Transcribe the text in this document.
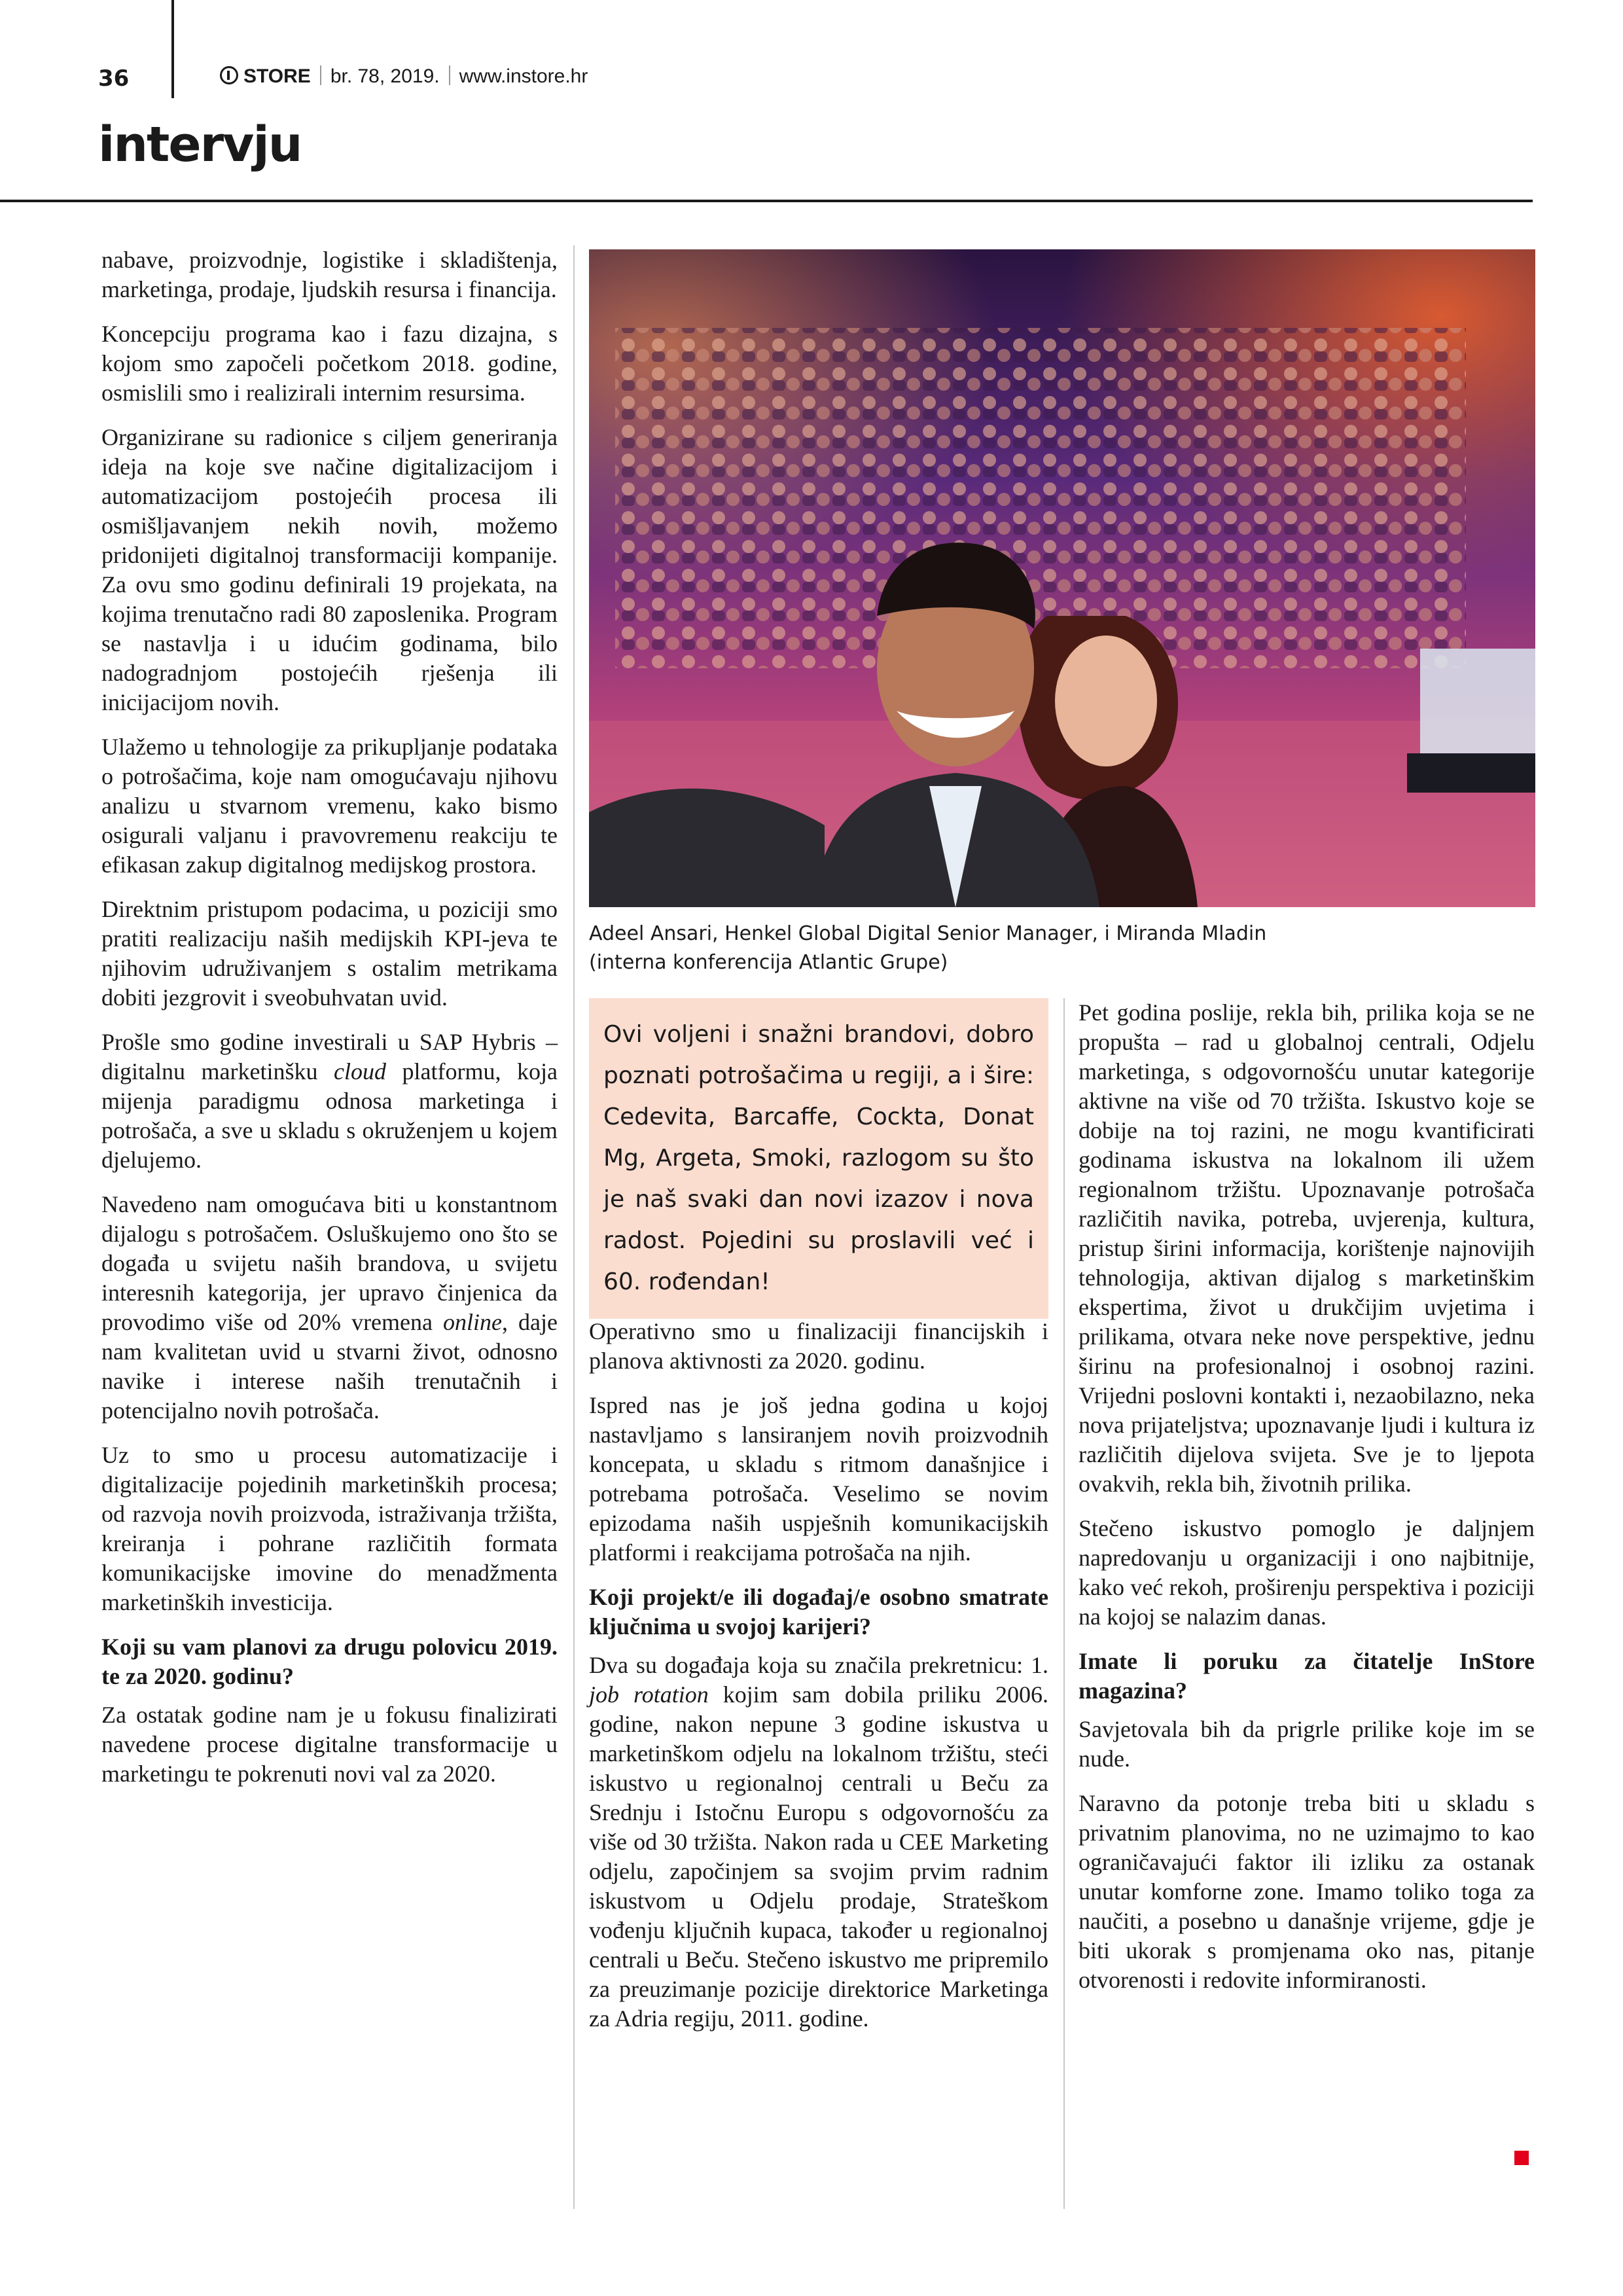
36	STORE br. 78, 2019. www.instore.hr
intervju

nabave, proizvodnje, logistike i skladištenja, marketinga, prodaje, ljudskih resursa i financija.

Koncepciju programa kao i fazu dizajna, s kojom smo započeli početkom 2018. godine, osmislili smo i realizirali internim resursima.

Organizirane su radionice s ciljem generiranja ideja na koje sve načine digitalizacijom i automatizacijom postojećih procesa ili osmišljavanjem nekih novih, možemo pridonijeti digitalnoj transformaciji kompanije. Za ovu smo godinu definirali 19 projekata, na kojima trenutačno radi 80 zaposlenika. Program se nastavlja i u idućim godinama, bilo nadogradnjom postojećih rješenja ili inicijacijom novih.

Ulažemo u tehnologije za prikupljanje podataka o potrošačima, koje nam omogućavaju njihovu analizu u stvarnom vremenu, kako bismo osigurali valjanu i pravovremenu reakciju te efikasan zakup digitalnog medijskog prostora.

Direktnim pristupom podacima, u poziciji smo pratiti realizaciju naših medijskih KPI-jeva te njihovim udruživanjem s ostalim metrikama dobiti jezgrovit i sveobuhvatan uvid.

Prošle smo godine investirali u SAP Hybris – digitalnu marketinšku cloud platformu, koja mijenja paradigmu odnosa marketinga i potrošača, a sve u skladu s okruženjem u kojem djelujemo.

Navedeno nam omogućava biti u konstantnom dijalogu s potrošačem. Osluškujemo ono što se događa u svijetu naših brandova, u svijetu interesnih kategorija, jer upravo činjenica da provodimo više od 20% vremena online, daje nam kvalitetan uvid u stvarni život, odnosno navike i interese naših trenutačnih i potencijalno novih potrošača.

Uz to smo u procesu automatizacije i digitalizacije pojedinih marketinških procesa; od razvoja novih proizvoda, istraživanja tržišta, kreiranja i pohrane različitih formata komunikacijske imovine do menadžmenta marketinških investicija.

Koji su vam planovi za drugu polovicu 2019. te za 2020. godinu?

Za ostatak godine nam je u fokusu finalizirati navedene procese digitalne transformacije u marketingu te pokrenuti novi val za 2020.

Adeel Ansari, Henkel Global Digital Senior Manager, i Miranda Mladin
(interna konferencija Atlantic Grupe)
Ovi voljeni i snažni brandovi, dobro poznati potrošačima u regiji, a i šire: Cedevita, Barcaffe, Cockta, Donat Mg, Argeta, Smoki, razlogom su što je naš svaki dan novi izazov i nova radost. Pojedini su proslavili već i 60. rođendan!

Operativno smo u finalizaciji financijskih i planova aktivnosti za 2020. godinu.

Ispred nas je još jedna godina u kojoj nastavljamo s lansiranjem novih proizvodnih koncepata, u skladu s ritmom današnjice i potrebama potrošača. Veselimo se novim epizodama naših uspješnih komunikacijskih platformi i reakcijama potrošača na njih.

Koji projekt/e ili događaj/e osobno smatrate ključnima u svojoj karijeri?

Dva su događaja koja su značila prekretnicu: 1. job rotation kojim sam dobila priliku 2006. godine, nakon nepune 3 godine iskustva u marketinškom odjelu na lokalnom tržištu, steći iskustvo u regionalnoj centrali u Beču za Srednju i Istočnu Europu s odgovornošću za više od 30 tržišta. Nakon rada u CEE Marketing odjelu, započinjem sa svojim prvim radnim iskustvom u Odjelu prodaje, Strateškom vođenju ključnih kupaca, također u regionalnoj centrali u Beču. Stečeno iskustvo me pripremilo za preuzimanje pozicije direktorice Marketinga za Adria regiju, 2011. godine.

Pet godina poslije, rekla bih, prilika koja se ne propušta – rad u globalnoj centrali, Odjelu marketinga, s odgovornošću unutar kategorije aktivne na više od 70 tržišta. Iskustvo koje se dobije na toj razini, ne mogu kvantificirati godinama iskustva na lokalnom ili užem regionalnom tržištu. Upoznavanje potrošača različitih navika, potreba, uvjerenja, kultura, pristup širini informacija, korištenje najnovijih tehnologija, aktivan dijalog s marketinškim ekspertima, život u drukčijim uvjetima i prilikama, otvara neke nove perspektive, jednu širinu na profesionalnoj i osobnoj razini. Vrijedni poslovni kontakti i, nezaobilazno, neka nova prijateljstva; upoznavanje ljudi i kultura iz različitih dijelova svijeta. Sve je to ljepota ovakvih, rekla bih, životnih prilika.

Stečeno iskustvo pomoglo je daljnjem napredovanju u organizaciji i ono najbitnije, kako već rekoh, proširenju perspektiva i poziciji na kojoj se nalazim danas.

Imate li poruku za čitatelje InStore magazina?

Savjetovala bih da prigrle prilike koje im se nude.

Naravno da potonje treba biti u skladu s privatnim planovima, no ne uzimajmo to kao ograničavajući faktor ili izliku za ostanak unutar komforne zone. Imamo toliko toga za naučiti, a posebno u današnje vrijeme, gdje je biti ukorak s promjenama oko nas, pitanje otvorenosti i redovite informiranosti.
